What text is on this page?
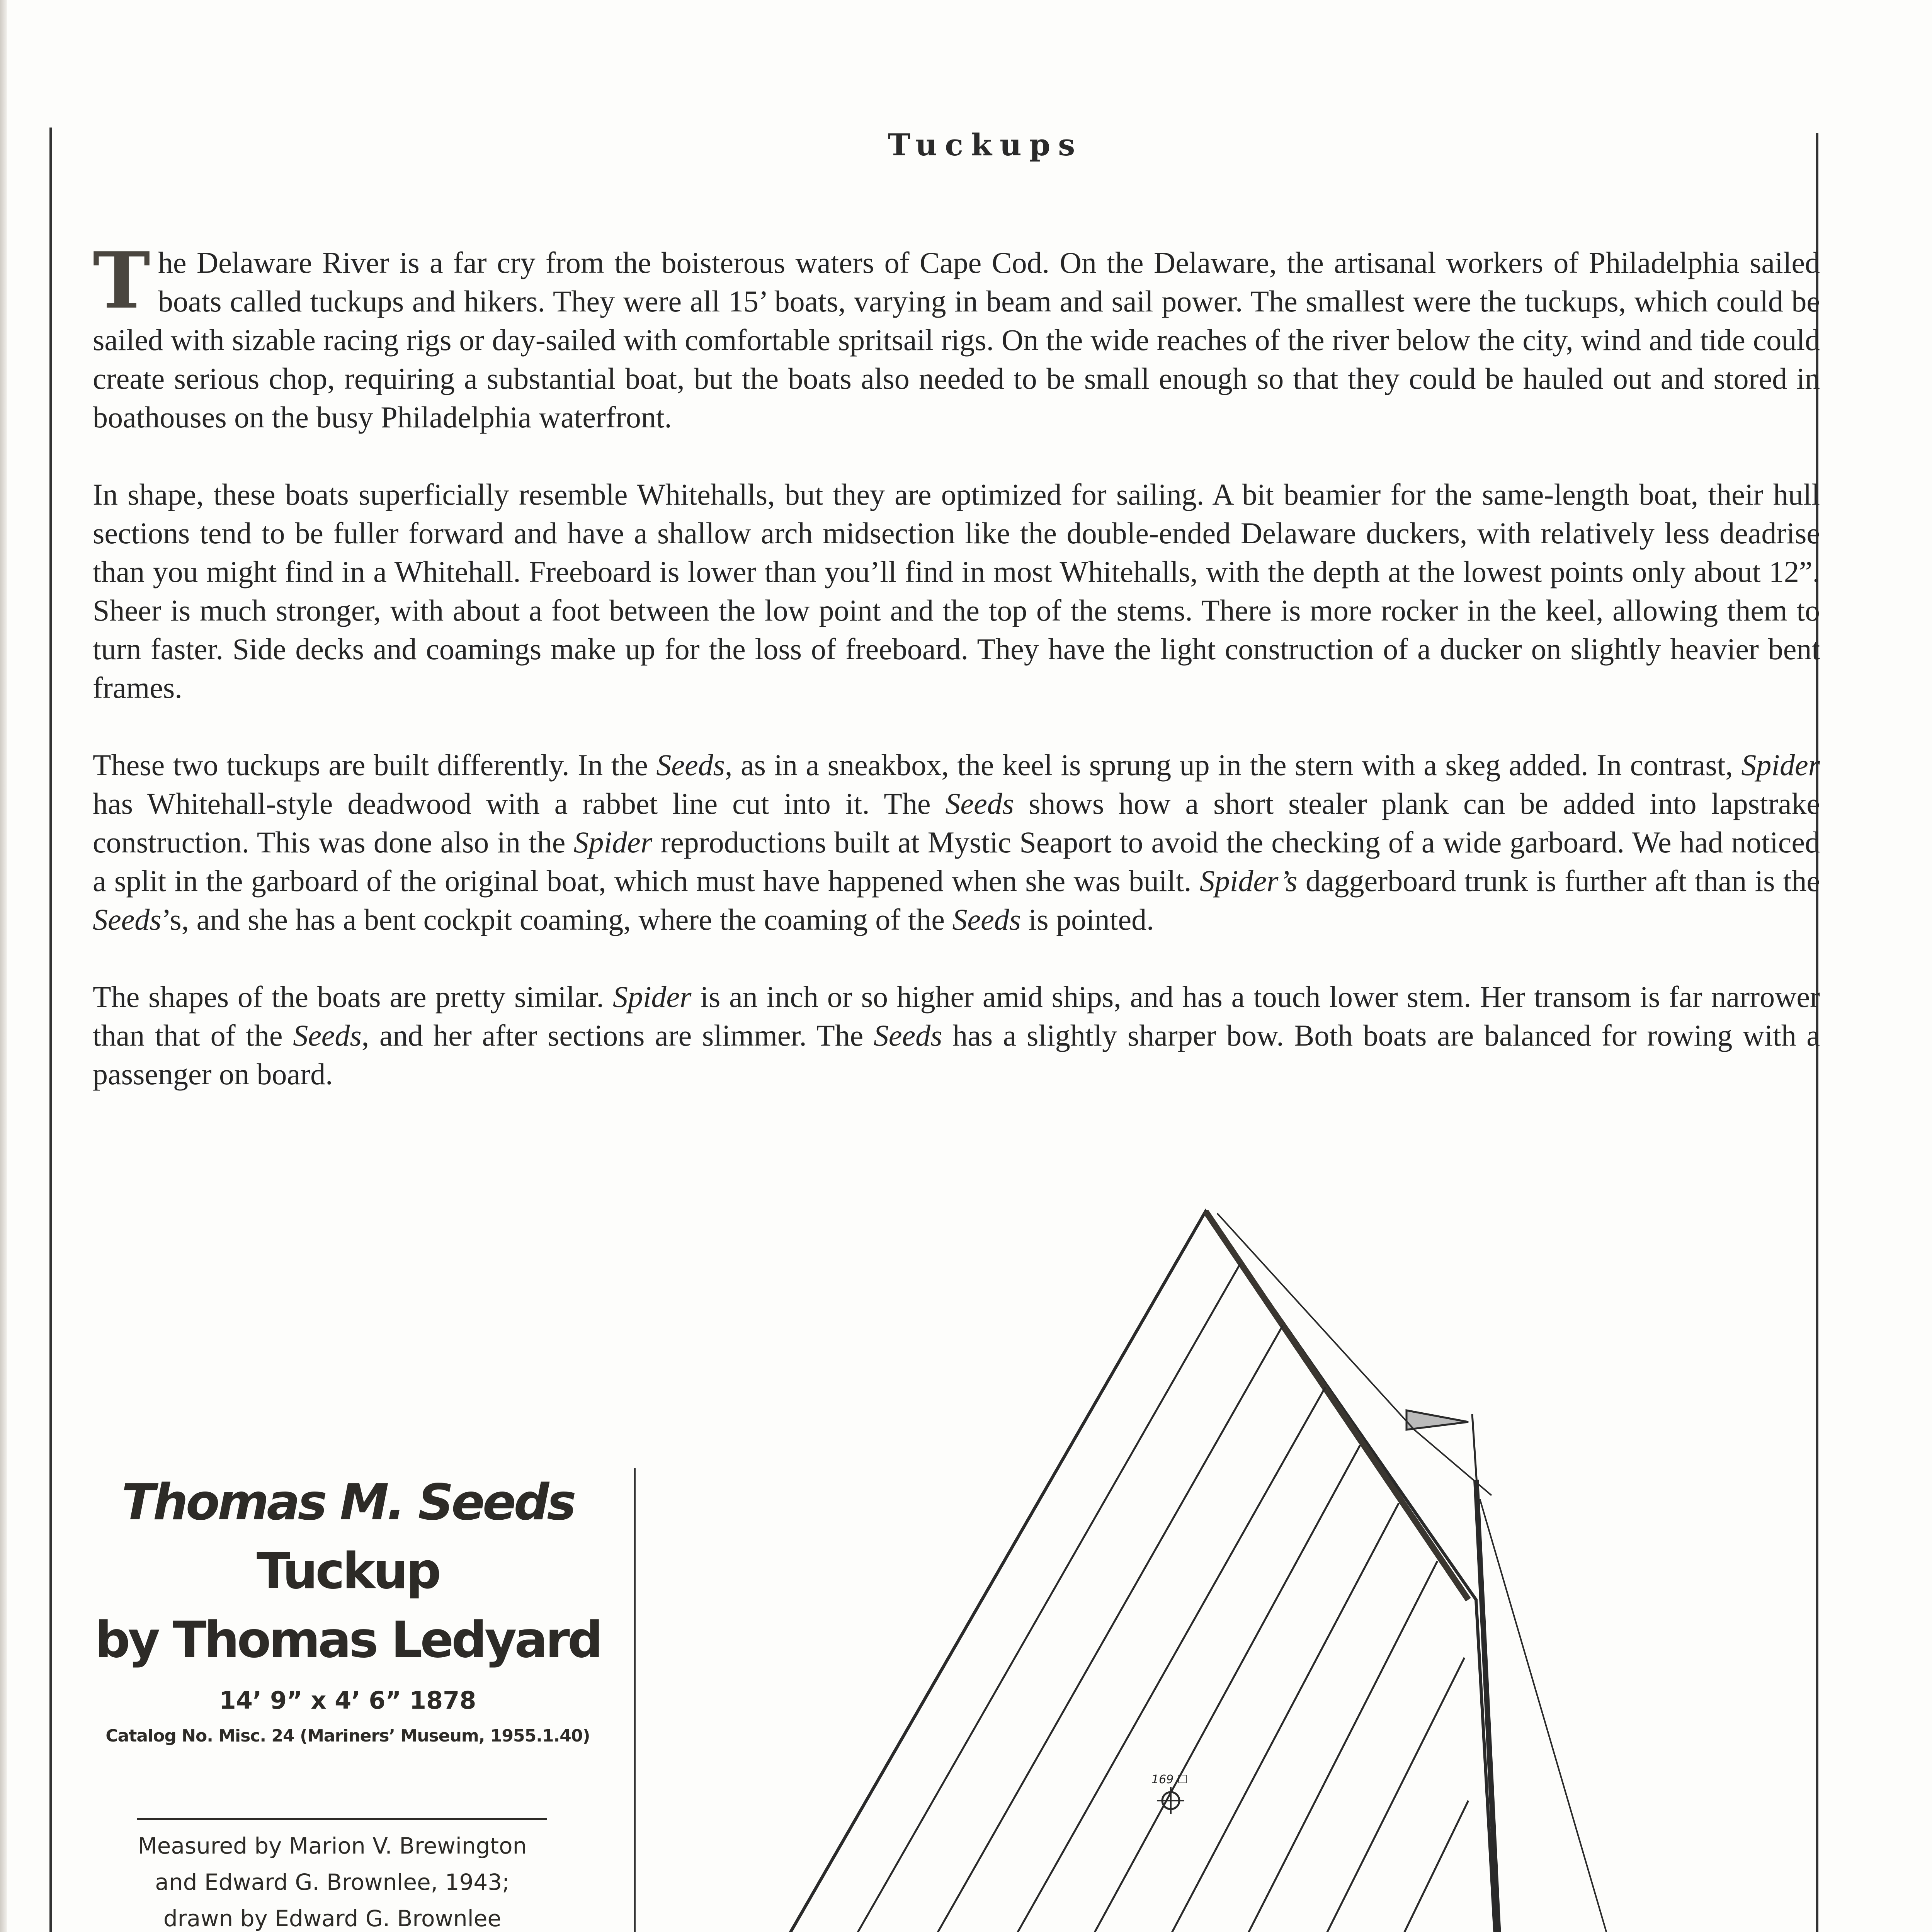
Tuckups

The Delaware River is a far cry from the boisterous waters of Cape Cod. On the Delaware, the artisanal workers of Philadelphia sailed boats called tuckups and hikers. They were all 15’ boats, varying in beam and sail power. The smallest were the tuckups, which could be sailed with sizable racing rigs or day-sailed with comfortable spritsail rigs. On the wide reaches of the river below the city, wind and tide could create serious chop, requiring a substantial boat, but the boats also needed to be small enough so that they could be hauled out and stored in boathouses on the busy Philadelphia waterfront.

In shape, these boats superficially resemble Whitehalls, but they are optimized for sailing. A bit beamier for the same-length boat, their hull sections tend to be fuller forward and have a shallow arch midsection like the double-ended Delaware duckers, with relatively less deadrise than you might find in a Whitehall. Freeboard is lower than you’ll find in most Whitehalls, with the depth at the lowest points only about 12”. Sheer is much stronger, with about a foot between the low point and the top of the stems. There is more rocker in the keel, allowing them to turn faster. Side decks and coamings make up for the loss of freeboard. They have the light construction of a ducker on slightly heavier bent frames.

These two tuckups are built differently. In the Seeds, as in a sneakbox, the keel is sprung up in the stern with a skeg added. In contrast, Spider has Whitehall-style deadwood with a rabbet line cut into it. The Seeds shows how a short stealer plank can be added into lapstrake construction. This was done also in the Spider reproductions built at Mystic Seaport to avoid the checking of a wide garboard. We had noticed a split in the garboard of the original boat, which must have happened when she was built. Spider’s daggerboard trunk is further aft than is the Seeds’s, and she has a bent cockpit coaming, where the coaming of the Seeds is pointed.

The shapes of the boats are pretty similar. Spider is an inch or so higher amid ships, and has a touch lower stem. Her transom is far narrower than that of the Seeds, and her after sections are slimmer. The Seeds has a slightly sharper bow. Both boats are balanced for rowing with a passenger on board.

Thomas M. Seeds
Tuckup
by Thomas Ledyard
14’ 9” x 4’ 6” 1878
Catalog No. Misc. 24 (Mariners’ Museum, 1955.1.40)
Measured by Marion V. Brewington
and Edward G. Brownlee, 1943;
drawn by Edward G. Brownlee
169 ☐
